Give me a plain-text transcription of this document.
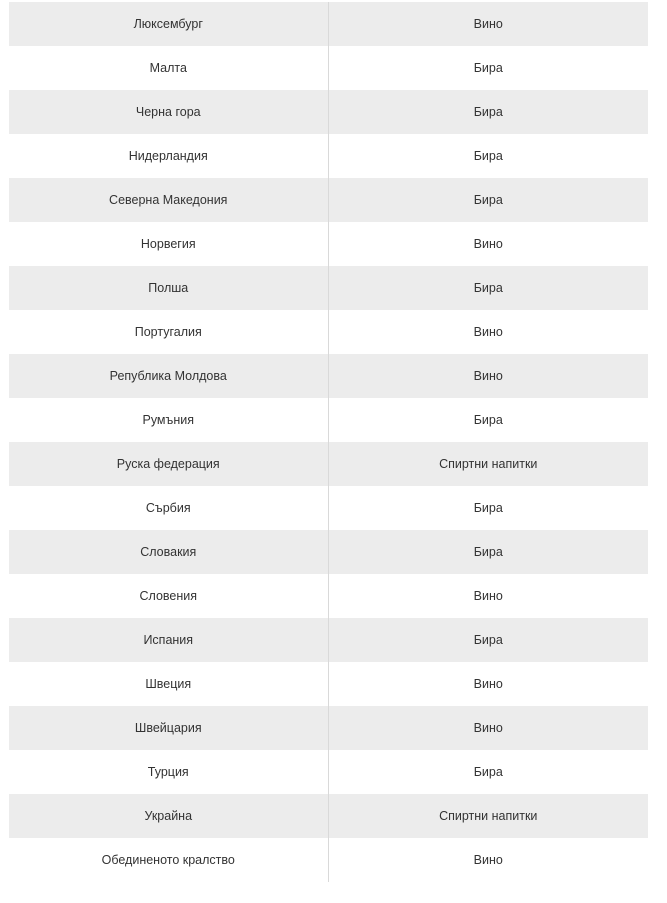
Люксембург	Вино
Малта	Бира
Черна гора	Бира
Нидерландия	Бира
Северна Македония	Бира
Норвегия	Вино
Полша	Бира
Португалия	Вино
Република Молдова	Вино
Румъния	Бира
Руска федерация	Спиртни напитки
Сърбия	Бира
Словакия	Бира
Словения	Вино
Испания	Бира
Швеция	Вино
Швейцария	Вино
Турция	Бира
Украйна	Спиртни напитки
Обединеното кралство	Вино
